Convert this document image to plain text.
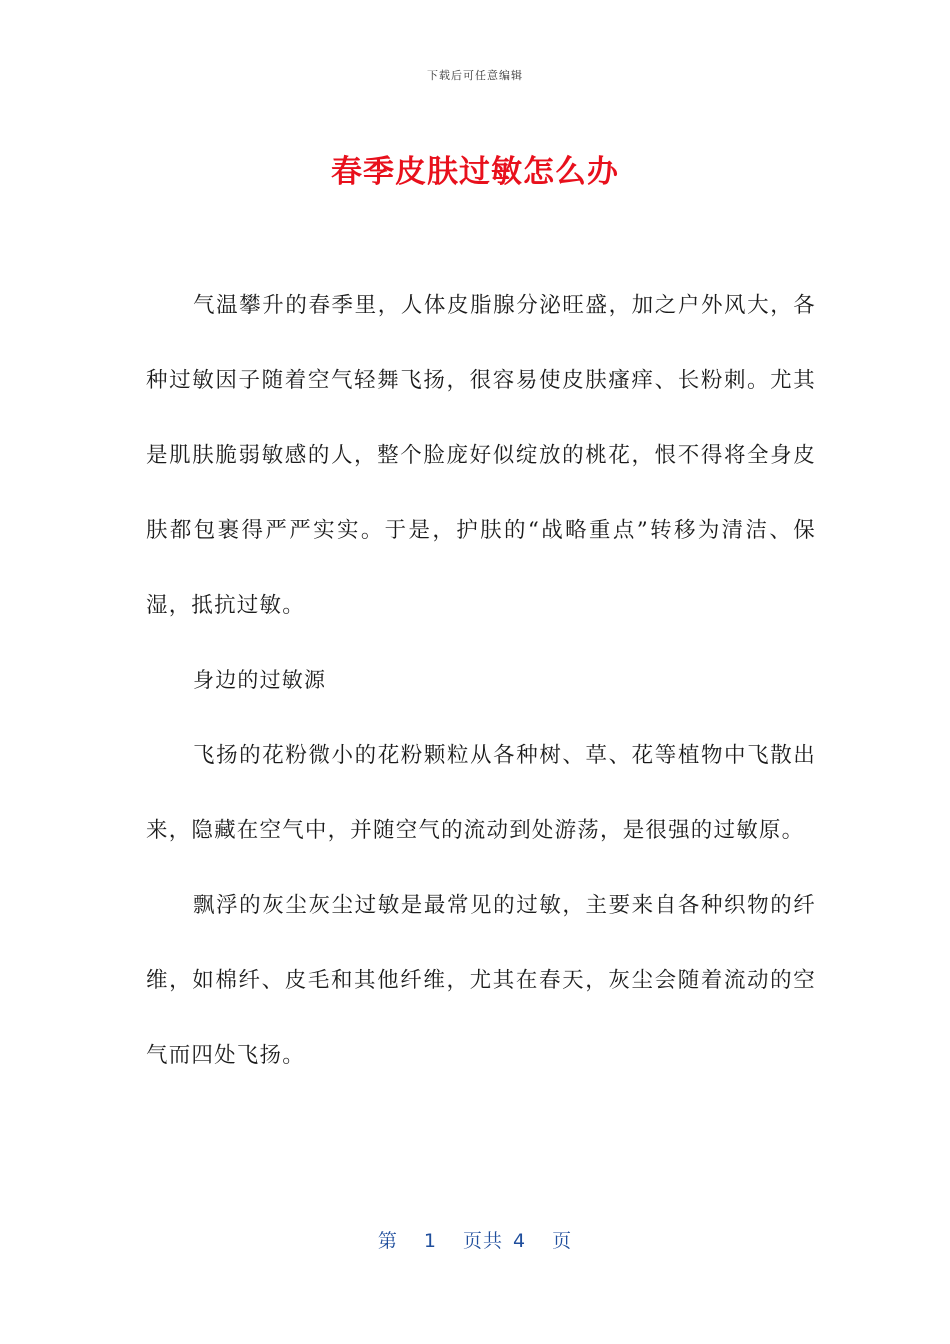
下载后可任意编辑
春季皮肤过敏怎么办

气温攀升的春季里，人体皮脂腺分泌旺盛，加之户外风大，各种过敏因子随着空气轻舞飞扬，很容易使皮肤瘙痒、长粉刺。尤其是肌肤脆弱敏感的人，整个脸庞好似绽放的桃花，恨不得将全身皮肤都包裹得严严实实。于是，护肤的“战略重点”转移为清洁、保湿，抵抗过敏。

身边的过敏源

飞扬的花粉微小的花粉颗粒从各种树、草、花等植物中飞散出来，隐藏在空气中，并随空气的流动到处游荡，是很强的过敏原。

飘浮的灰尘灰尘过敏是最常见的过敏，主要来自各种织物的纤维，如棉纤、皮毛和其他纤维，尤其在春天，灰尘会随着流动的空气而四处飞扬。

第 1 页共 4 页
